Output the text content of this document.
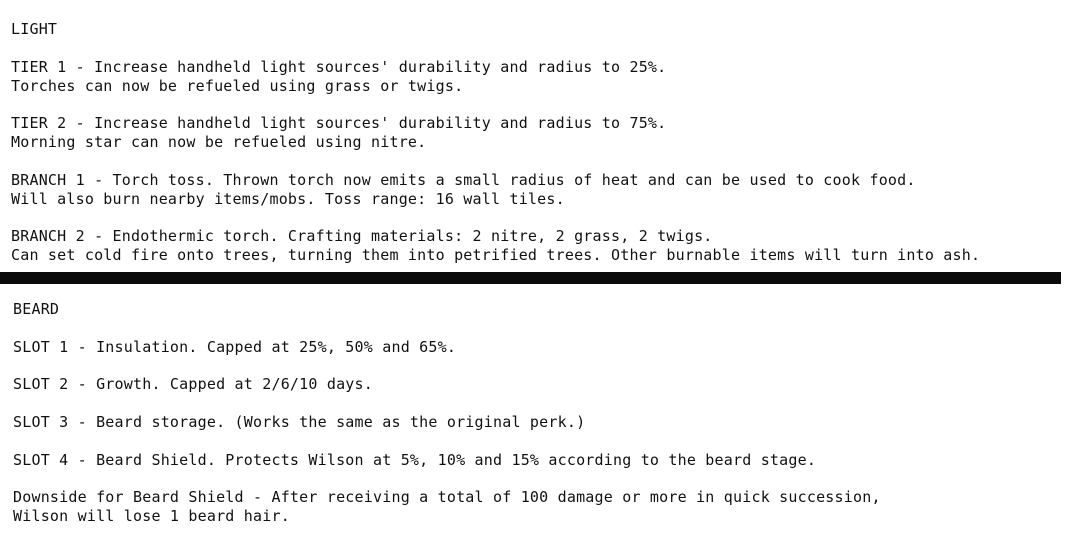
LIGHT
TIER 1 - Increase handheld light sources' durability and radius to 25%.
Torches can now be refueled using grass or twigs.
TIER 2 - Increase handheld light sources' durability and radius to 75%.
Morning star can now be refueled using nitre.
BRANCH 1 - Torch toss. Thrown torch now emits a small radius of heat and can be used to cook food.
Will also burn nearby items/mobs. Toss range: 16 wall tiles.
BRANCH 2 - Endothermic torch. Crafting materials: 2 nitre, 2 grass, 2 twigs.
Can set cold fire onto trees, turning them into petrified trees. Other burnable items will turn into ash.
BEARD
SLOT 1 - Insulation. Capped at 25%, 50% and 65%.
SLOT 2 - Growth. Capped at 2/6/10 days.
SLOT 3 - Beard storage. (Works the same as the original perk.)
SLOT 4 - Beard Shield. Protects Wilson at 5%, 10% and 15% according to the beard stage.
Downside for Beard Shield - After receiving a total of 100 damage or more in quick succession,
Wilson will lose 1 beard hair.
